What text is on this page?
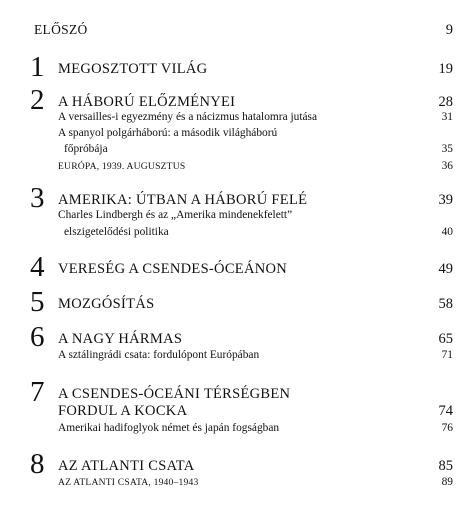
ELŐSZÓ	9
1 MEGOSZTOTT VILÁG	19
2 A HÁBORÚ ELŐZMÉNYEI	28
A versailles-i egyezmény és a nácizmus hatalomra jutása	31
A spanyol polgárháború: a második világháború
főpróbája	35
EURÓPA, 1939. AUGUSZTUS	36
3 AMERIKA: ÚTBAN A HÁBORÚ FELÉ	39
Charles Lindbergh és az „Amerika mindenekfelett”
elszigetelődési politika	40
4 VERESÉG A CSENDES-ÓCEÁNON	49
5 MOZGÓSÍTÁS	58
6 A NAGY HÁRMAS	65
A sztálingrádi csata: fordulópont Európában	71
7 A CSENDES-ÓCEÁNI TÉRSÉGBEN
FORDUL A KOCKA	74
Amerikai hadifoglyok német és japán fogságban	76
8 AZ ATLANTI CSATA	85
AZ ATLANTI CSATA, 1940–1943	89
